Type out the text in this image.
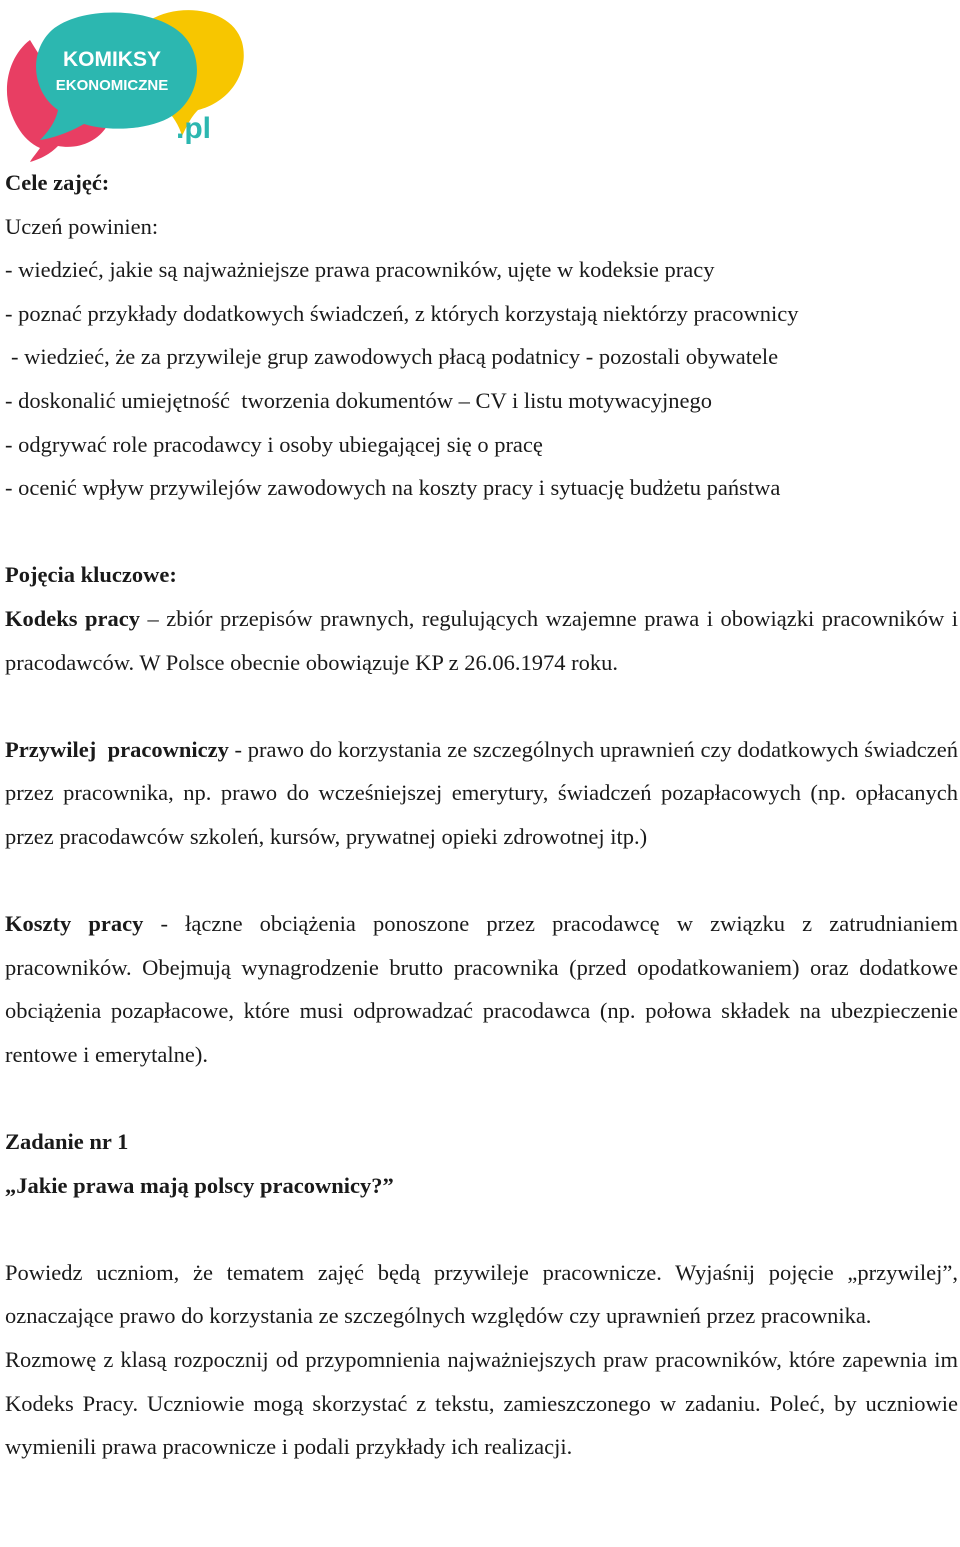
KOMIKSY
EKONOMICZNE
.pl

Cele zajęć:

Uczeń powinien:

- wiedzieć, jakie są najważniejsze prawa pracowników, ujęte w kodeksie pracy

- poznać przykłady dodatkowych świadczeń, z których korzystają niektórzy pracownicy

- wiedzieć, że za przywileje grup zawodowych płacą podatnicy - pozostali obywatele

- doskonalić umiejętność  tworzenia dokumentów – CV i listu motywacyjnego

- odgrywać role pracodawcy i osoby ubiegającej się o pracę

- ocenić wpływ przywilejów zawodowych na koszty pracy i sytuację budżetu państwa

Pojęcia kluczowe:

Kodeks pracy – zbiór przepisów prawnych, regulujących wzajemne prawa i obowiązki pracowników i pracodawców. W Polsce obecnie obowiązuje KP z 26.06.1974 roku.

Przywilej  pracowniczy - prawo do korzystania ze szczególnych uprawnień czy dodatkowych świadczeń przez pracownika, np. prawo do wcześniejszej emerytury, świadczeń pozapłacowych (np. opłacanych przez pracodawców szkoleń, kursów, prywatnej opieki zdrowotnej itp.)

Koszty pracy - łączne obciążenia ponoszone przez pracodawcę w związku z zatrudnianiem pracowników. Obejmują wynagrodzenie brutto pracownika (przed opodatkowaniem) oraz dodatkowe obciążenia pozapłacowe, które musi odprowadzać pracodawca (np. połowa składek na ubezpieczenie rentowe i emerytalne).

Zadanie nr 1

„Jakie prawa mają polscy pracownicy?”

Powiedz uczniom, że tematem zajęć będą przywileje pracownicze. Wyjaśnij pojęcie „przywilej”, oznaczające prawo do korzystania ze szczególnych względów czy uprawnień przez pracownika.

Rozmowę z klasą rozpocznij od przypomnienia najważniejszych praw pracowników, które zapewnia im Kodeks Pracy. Uczniowie mogą skorzystać z tekstu, zamieszczonego w zadaniu. Poleć, by uczniowie wymienili prawa pracownicze i podali przykłady ich realizacji.
